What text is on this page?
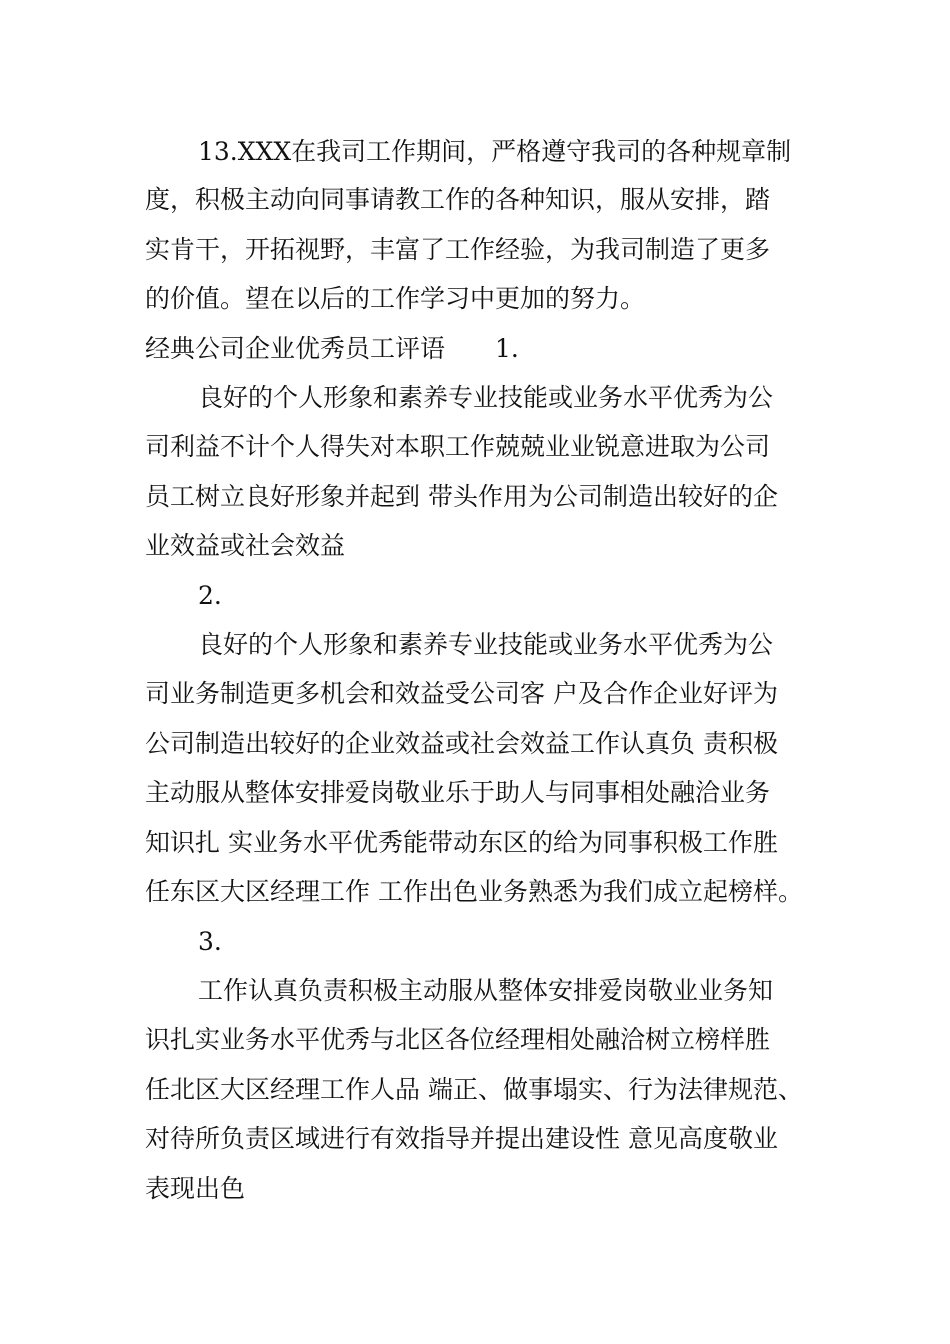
13.XXX在我司工作期间，严格遵守我司的各种规章制

度，积极主动向同事请教工作的各种知识，服从安排，踏

实肯干，开拓视野，丰富了工作经验，为我司制造了更多

的价值。望在以后的工作学习中更加的努力。

经典公司企业优秀员工评语　　1.

良好的个人形象和素养专业技能或业务水平优秀为公

司利益不计个人得失对本职工作兢兢业业锐意进取为公司

员工树立良好形象并起到 带头作用为公司制造出较好的企

业效益或社会效益

2.

良好的个人形象和素养专业技能或业务水平优秀为公

司业务制造更多机会和效益受公司客 户及合作企业好评为

公司制造出较好的企业效益或社会效益工作认真负 责积极

主动服从整体安排爱岗敬业乐于助人与同事相处融洽业务

知识扎 实业务水平优秀能带动东区的给为同事积极工作胜

任东区大区经理工作 工作出色业务熟悉为我们成立起榜样。

3.

工作认真负责积极主动服从整体安排爱岗敬业业务知

识扎实业务水平优秀与北区各位经理相处融洽树立榜样胜

任北区大区经理工作人品 端正、做事塌实、行为法律规范、

对待所负责区域进行有效指导并提出建设性 意见高度敬业

表现出色
